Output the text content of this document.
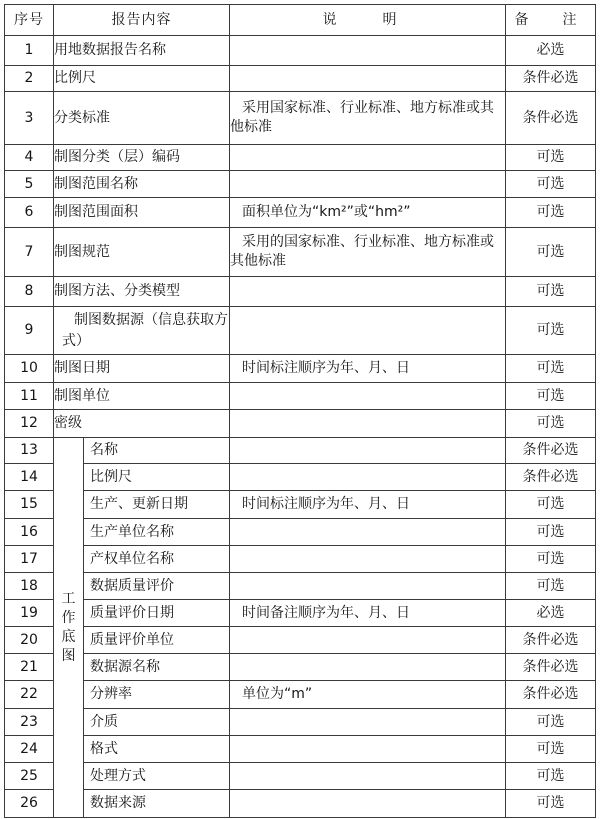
序号	报告内容		说　明	备　注
1	用地数据报告名称			必选
2	比例尺			条件必选
3	分类标准		采用国家标准、行业标准、地方标准或其他标准	条件必选
4	制图分类（层）编码			可选
5	制图范围名称			可选
6	制图范围面积		面积单位为“km²”或“hm²”	可选
7	制图规范		采用的国家标准、行业标准、地方标准或其他标准	可选
8	制图方法、分类模型			可选
9	制图数据源（信息获取方式）			可选
10	制图日期		时间标注顺序为年、月、日	可选
11	制图单位			可选
12	密级			可选
13	工作底图	名称		条件必选
14		比例尺		条件必选
15		生产、更新日期	时间标注顺序为年、月、日	可选
16		生产单位名称		可选
17		产权单位名称		可选
18		数据质量评价		可选
19		质量评价日期	时间备注顺序为年、月、日	必选
20		质量评价单位		条件必选
21		数据源名称		条件必选
22		分辨率	单位为“m”	条件必选
23		介质		可选
24		格式		可选
25		处理方式		可选
26		数据来源		可选
